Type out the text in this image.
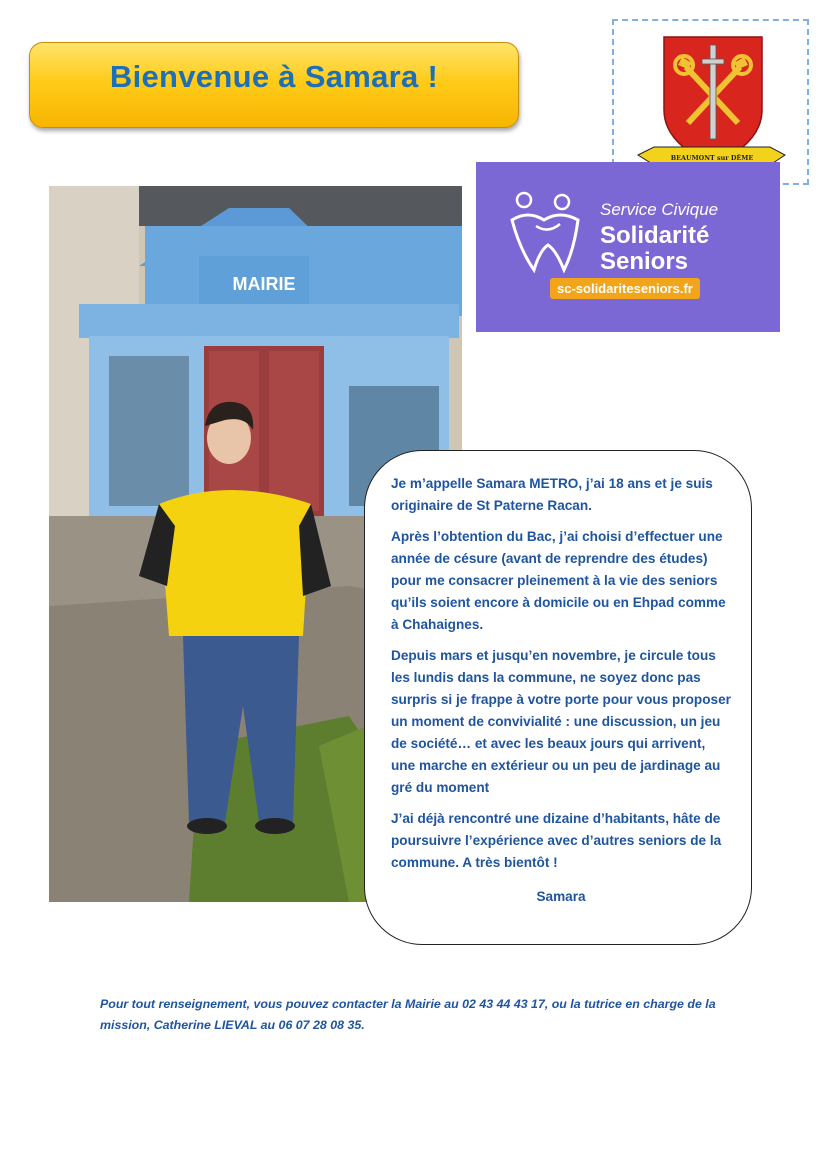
Bienvenue à Samara !
BEAUMONT sur DÊME
Service Civique
Solidarité
Seniors
sc-solidariteseniors.fr
MAIRIE

Je m’appelle Samara METRO, j’ai 18 ans et je suis originaire de St Paterne Racan.

Après l’obtention du Bac, j’ai choisi d’effectuer une année de césure (avant de reprendre des études) pour me consacrer pleinement à la vie des seniors qu’ils soient encore à domicile ou en Ehpad comme à Chahaignes.

Depuis mars et jusqu’en novembre, je circule tous les lundis dans la commune, ne soyez donc pas surpris si je frappe à votre porte pour vous proposer un moment de convivialité : une discussion, un jeu de société… et avec les beaux jours qui arrivent, une marche en extérieur ou un peu de jardinage au gré du moment

J’ai déjà rencontré une dizaine d’habitants, hâte de poursuivre l’expérience avec d’autres seniors de la commune. A très bientôt !

Samara

Pour tout renseignement, vous pouvez contacter la Mairie au 02 43 44 43 17, ou la tutrice en charge de la mission, Catherine LIEVAL au 06 07 28 08 35.
